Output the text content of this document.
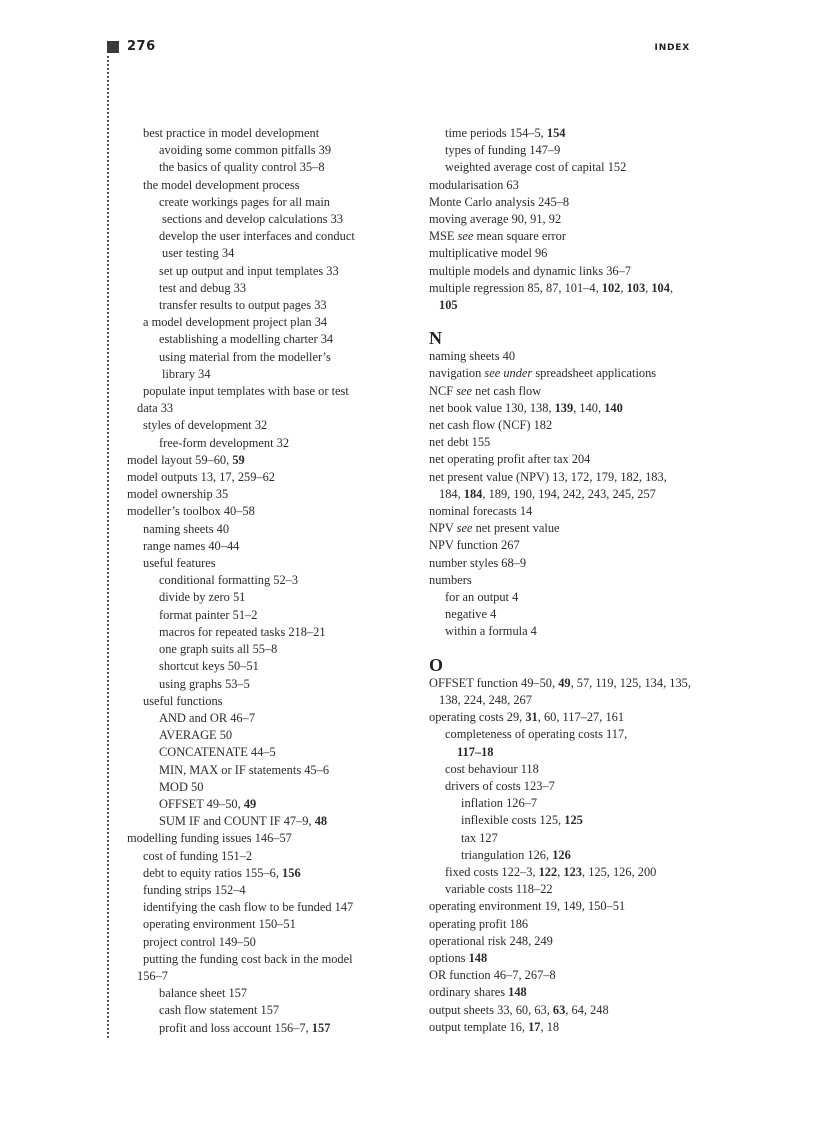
276	INDEX
best practice in model development
avoiding some common pitfalls 39
the basics of quality control 35–8
the model development process
create workings pages for all main
sections and develop calculations 33
develop the user interfaces and conduct
user testing 34
set up output and input templates 33
test and debug 33
transfer results to output pages 33
a model development project plan 34
establishing a modelling charter 34
using material from the modeller’s
library 34
populate input templates with base or test
data 33
styles of development 32
free-form development 32
model layout 59–60, 59
model outputs 13, 17, 259–62
model ownership 35
modeller’s toolbox 40–58
naming sheets 40
range names 40–44
useful features
conditional formatting 52–3
divide by zero 51
format painter 51–2
macros for repeated tasks 218–21
one graph suits all 55–8
shortcut keys 50–51
using graphs 53–5
useful functions
AND and OR 46–7
AVERAGE 50
CONCATENATE 44–5
MIN, MAX or IF statements 45–6
MOD 50
OFFSET 49–50, 49
SUM IF and COUNT IF 47–9, 48
modelling funding issues 146–57
cost of funding 151–2
debt to equity ratios 155–6, 156
funding strips 152–4
identifying the cash flow to be funded 147
operating environment 150–51
project control 149–50
putting the funding cost back in the model
156–7
balance sheet 157
cash flow statement 157
profit and loss account 156–7, 157
time periods 154–5, 154
types of funding 147–9
weighted average cost of capital 152
modularisation 63
Monte Carlo analysis 245–8
moving average 90, 91, 92
MSE see mean square error
multiplicative model 96
multiple models and dynamic links 36–7
multiple regression 85, 87, 101–4, 102, 103, 104,
105
N
naming sheets 40
navigation see under spreadsheet applications
NCF see net cash flow
net book value 130, 138, 139, 140, 140
net cash flow (NCF) 182
net debt 155
net operating profit after tax 204
net present value (NPV) 13, 172, 179, 182, 183,
184, 184, 189, 190, 194, 242, 243, 245, 257
nominal forecasts 14
NPV see net present value
NPV function 267
number styles 68–9
numbers
for an output 4
negative 4
within a formula 4
O
OFFSET function 49–50, 49, 57, 119, 125, 134, 135,
138, 224, 248, 267
operating costs 29, 31, 60, 117–27, 161
completeness of operating costs 117,
117–18
cost behaviour 118
drivers of costs 123–7
inflation 126–7
inflexible costs 125, 125
tax 127
triangulation 126, 126
fixed costs 122–3, 122, 123, 125, 126, 200
variable costs 118–22
operating environment 19, 149, 150–51
operating profit 186
operational risk 248, 249
options 148
OR function 46–7, 267–8
ordinary shares 148
output sheets 33, 60, 63, 63, 64, 248
output template 16, 17, 18
